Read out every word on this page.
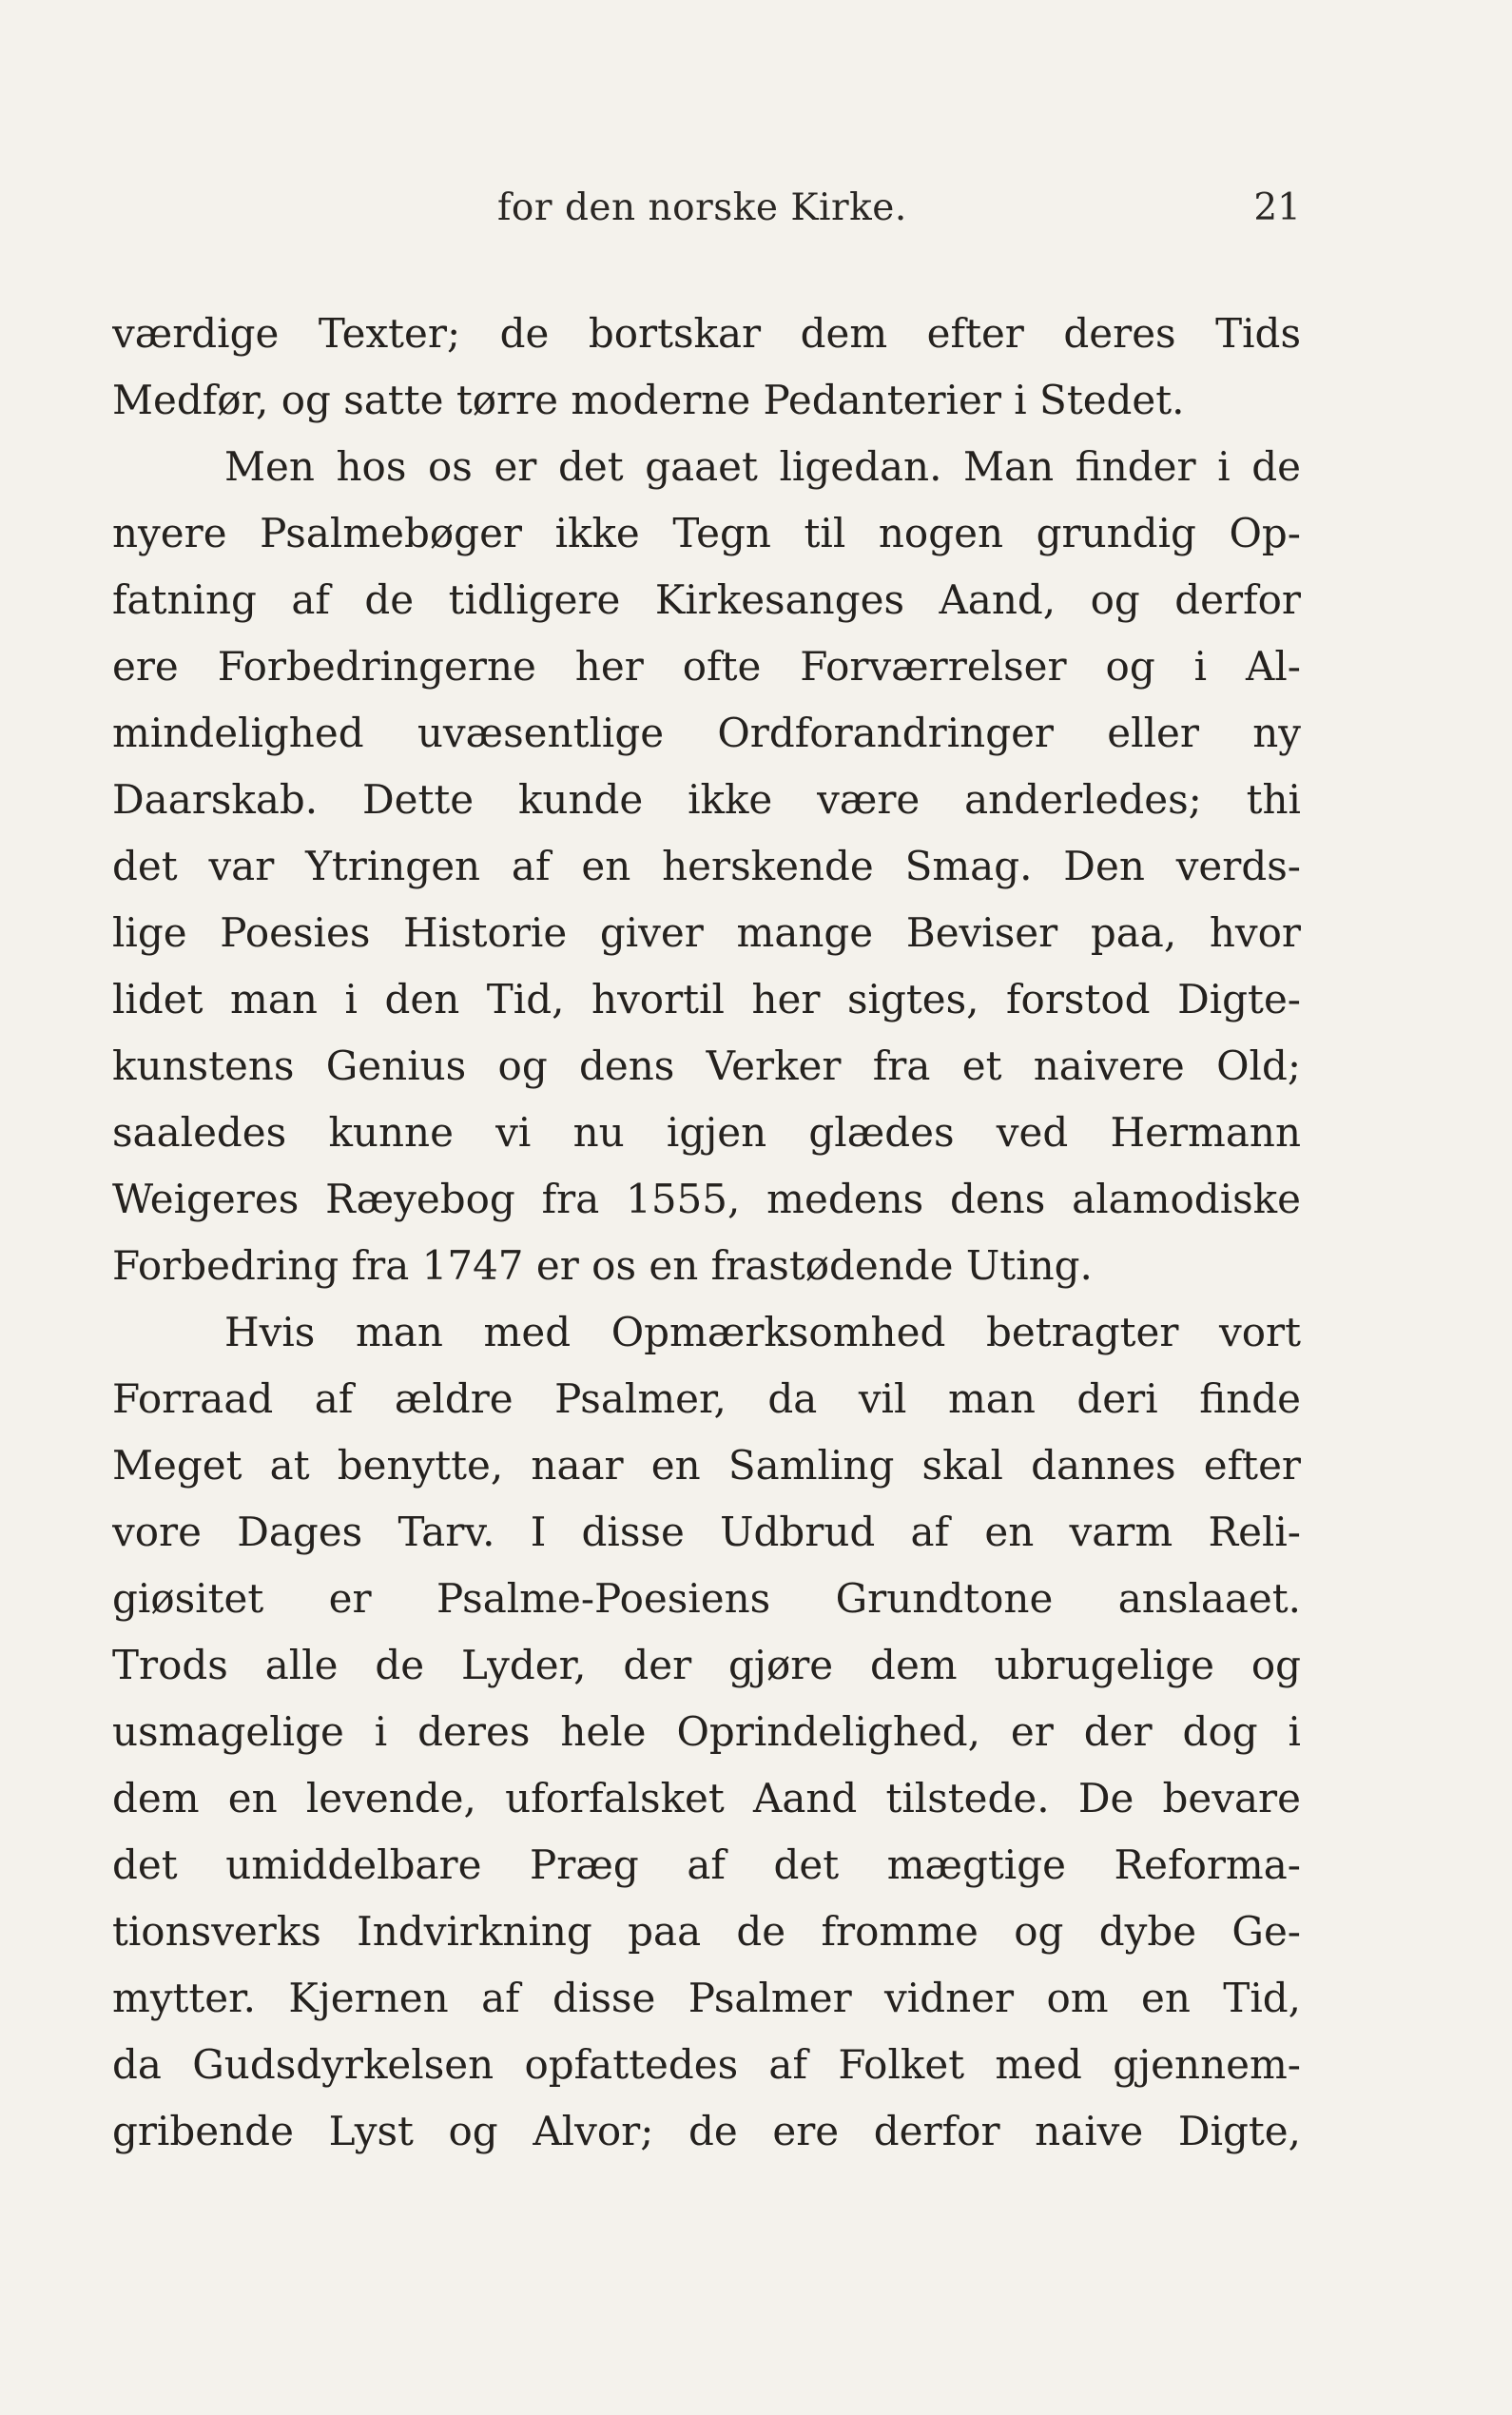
for den norske Kirke.	21
værdige Texter; de bortskar dem efter deres Tids
Medfør, og satte tørre moderne Pedanterier i Stedet.
Men hos os er det gaaet ligedan. Man finder i de
nyere Psalmebøger ikke Tegn til nogen grundig Op-
fatning af de tidligere Kirkesanges Aand, og derfor
ere Forbedringerne her ofte Forværrelser og i Al-
mindelighed uvæsentlige Ordforandringer eller ny
Daarskab. Dette kunde ikke være anderledes; thi
det var Ytringen af en herskende Smag. Den verds-
lige Poesies Historie giver mange Beviser paa, hvor
lidet man i den Tid, hvortil her sigtes, forstod Digte-
kunstens Genius og dens Verker fra et naivere Old;
saaledes kunne vi nu igjen glædes ved Hermann
Weigeres Ræyebog fra 1555, medens dens alamodiske
Forbedring fra 1747 er os en frastødende Uting.
Hvis man med Opmærksomhed betragter vort
Forraad af ældre Psalmer, da vil man deri finde
Meget at benytte, naar en Samling skal dannes efter
vore Dages Tarv. I disse Udbrud af en varm Reli-
giøsitet er Psalme-Poesiens Grundtone anslaaet.
Trods alle de Lyder, der gjøre dem ubrugelige og
usmagelige i deres hele Oprindelighed, er der dog i
dem en levende, uforfalsket Aand tilstede. De bevare
det umiddelbare Præg af det mægtige Reforma-
tionsverks Indvirkning paa de fromme og dybe Ge-
mytter. Kjernen af disse Psalmer vidner om en Tid,
da Gudsdyrkelsen opfattedes af Folket med gjennem-
gribende Lyst og Alvor; de ere derfor naive Digte,
